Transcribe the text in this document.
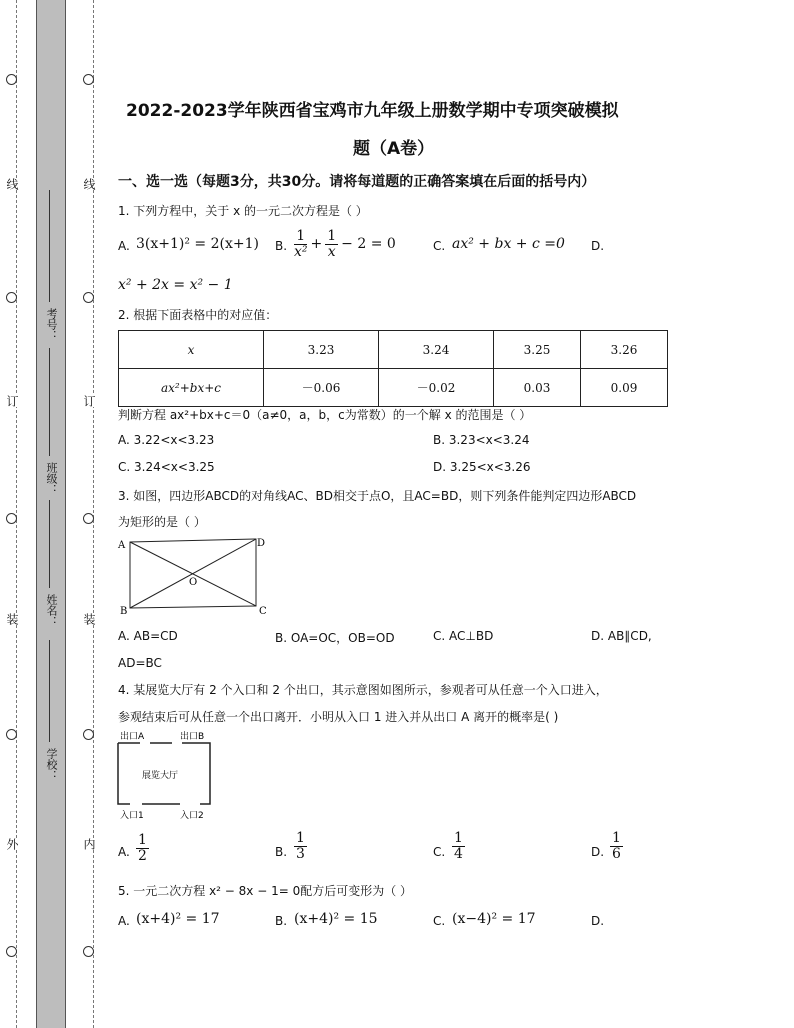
线
订
装
外
线
订
装
内
考号：
班级：
姓名：
学校：
2022-2023学年陕西省宝鸡市九年级上册数学期中专项突破模拟
题（A卷）
一、选一选（每题3分，共30分。请将每道题的正确答案填在后面的括号内）
1. 下列方程中，关于 x 的一元二次方程是（ ）
A. 3(x+1)² = 2(x+1) B. $\frac{1}{\text{x²}} + \frac{1}{x} - 2 = 0$	C. ax² + bx + c =0 D.
x² + 2x = x² − 1
2. 根据下面表格中的对应值：
x	3.23	3.24	3.25	3.26
ax²+bx+c	－0.06	－0.02	0.03	0.09
判断方程 ax²+bx+c＝0（a≠0，a，b，c为常数）的一个解 x 的范围是（ ）
A. 3.22<x<3.23	B. 3.23<x<3.24
C. 3.24<x<3.25	D. 3.25<x<3.26
3. 如图，四边形ABCD的对角线AC、BD相交于点O，且AC=BD，则下列条件能判定四边形ABCD
为矩形的是（ ）
A	D
B	C
O
A. AB=CD	B. OA=OC，OB=OD	C. AC⊥BD	D. AB∥CD,
AD=BC
4. 某展览大厅有 2 个入口和 2 个出口，其示意图如图所示，参观者可从任意一个入口进入，
参观结束后可从任意一个出口离开．小明从入口 1 进入并从出口 A 离开的概率是( )
出口A	出口B
展览大厅
入口1	入口2
A. $\frac{1}{2}$	B. $\frac{1}{3}$	C. $\frac{1}{4}$	D. $\frac{1}{6}$
5. 一元二次方程 x² − 8x − 1= 0配方后可变形为（ ）
A. (x+4)² = 17	B. (x+4)² = 15	C. (x−4)² = 17	D.
